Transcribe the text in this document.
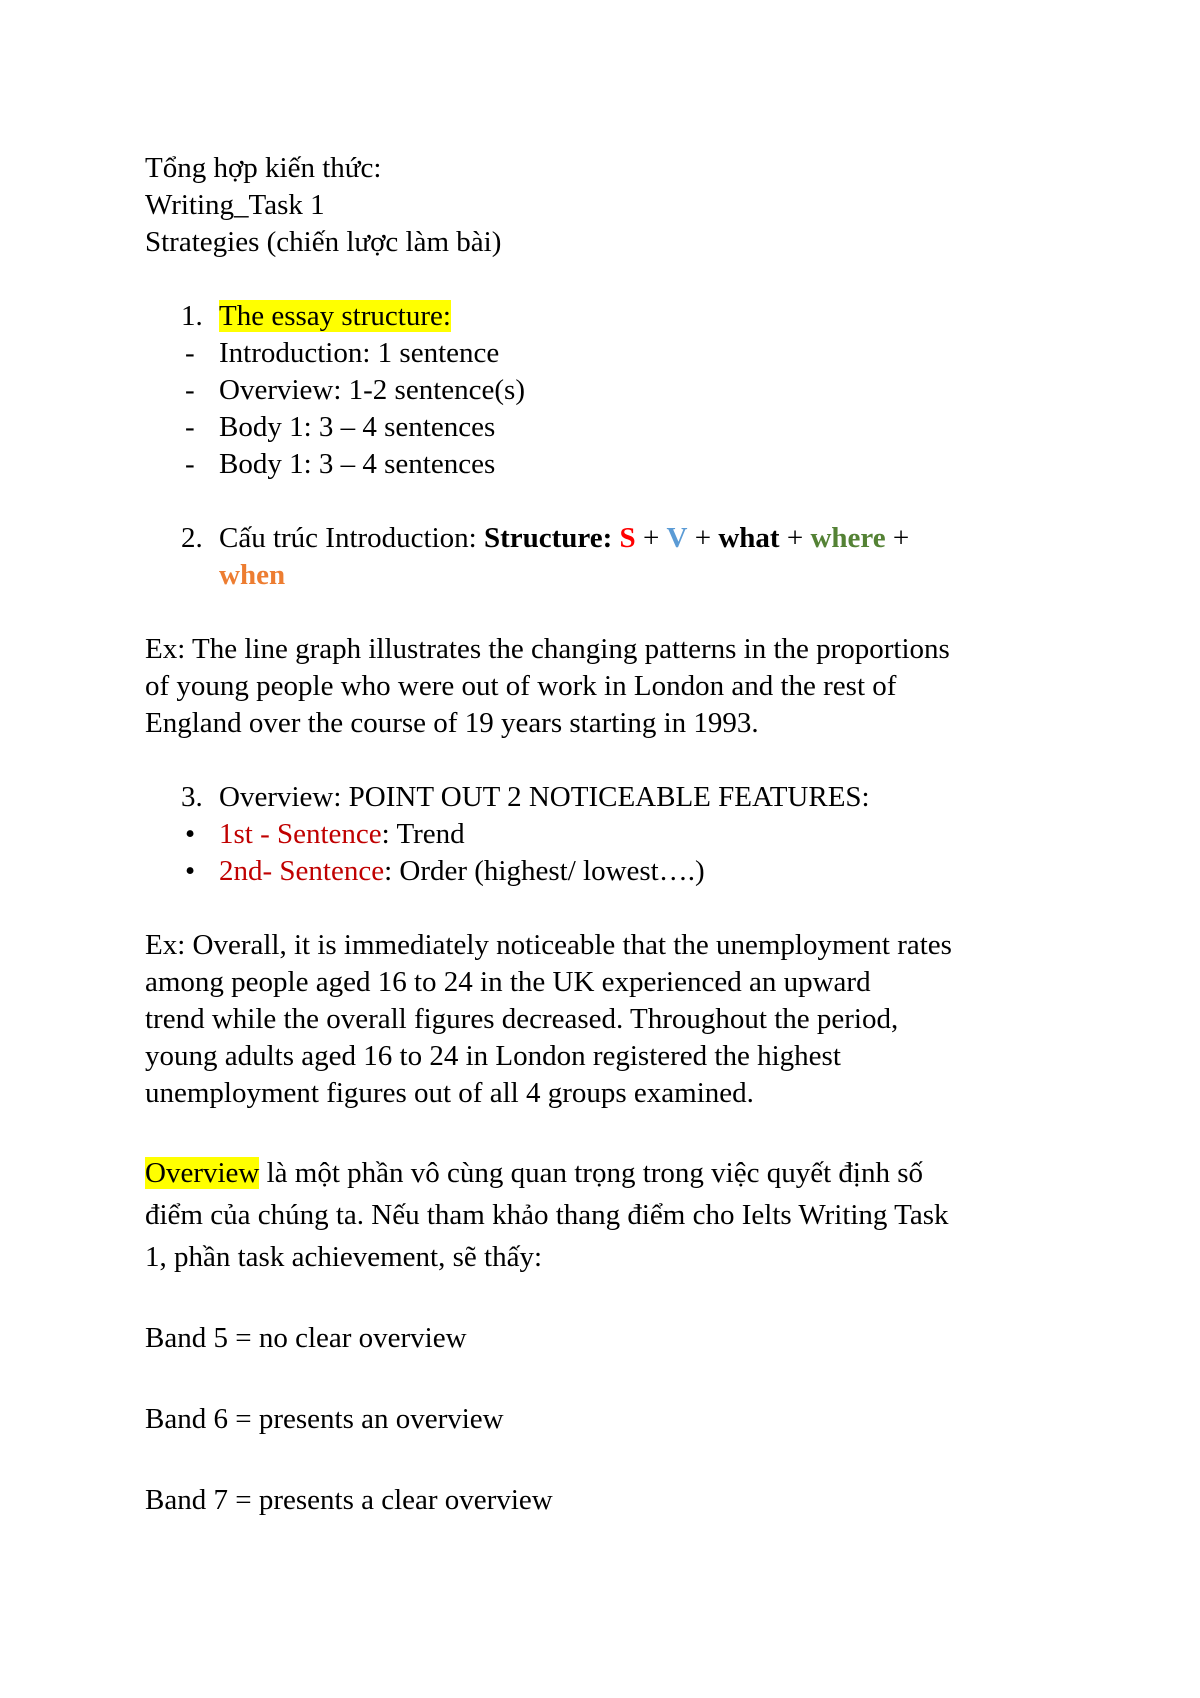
Tổng hợp kiến thức:
Writing_Task 1
Strategies (chiến lược làm bài)
1. The essay structure:
- Introduction: 1 sentence
- Overview: 1-2 sentence(s)
- Body 1: 3 – 4 sentences
- Body 1: 3 – 4 sentences
2. Cấu trúc Introduction: Structure: S + V + what + where +
when
Ex: The line graph illustrates the changing patterns in the proportions
of young people who were out of work in London and the rest of
England over the course of 19 years starting in 1993.
3. Overview: POINT OUT 2 NOTICEABLE FEATURES:
• 1st - Sentence: Trend
• 2nd- Sentence: Order (highest/ lowest….)
Ex: Overall, it is immediately noticeable that the unemployment rates
among people aged 16 to 24 in the UK experienced an upward
trend while the overall figures decreased. Throughout the period,
young adults aged 16 to 24 in London registered the highest
unemployment figures out of all 4 groups examined.
Overview là một phần vô cùng quan trọng trong việc quyết định số
điểm của chúng ta. Nếu tham khảo thang điểm cho Ielts Writing Task
1, phần task achievement, sẽ thấy:
Band 5 = no clear overview
Band 6 = presents an overview
Band 7 = presents a clear overview
